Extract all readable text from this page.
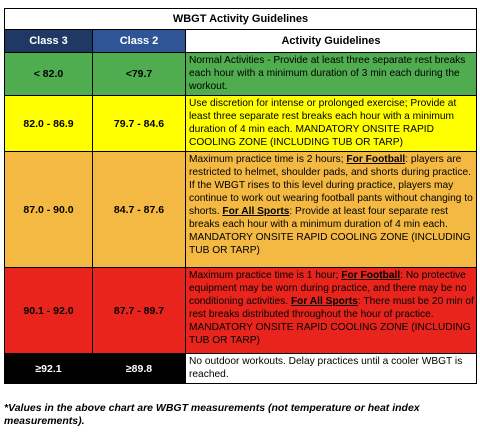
WBGT Activity Guidelines		
Class 3	Class 2	Activity Guidelines
< 82.0	<79.7	Normal Activities - Provide at least three separate rest breaks each hour with a minimum duration of 3 min each during the workout.
82.0 - 86.9	79.7 - 84.6	Use discretion for intense or prolonged exercise; Provide at least three separate rest breaks each hour with a minimum duration of 4 min each. MANDATORY ONSITE RAPID COOLING ZONE (INCLUDING TUB OR TARP)
87.0 - 90.0	84.7 - 87.6	Maximum practice time is 2 hours; For Football: players are restricted to helmet, shoulder pads, and shorts during practice. If the WBGT rises to this level during practice, players may continue to work out wearing football pants without changing to shorts. For All Sports: Provide at least four separate rest breaks each hour with a minimum duration of 4 min each. MANDATORY ONSITE RAPID COOLING ZONE (INCLUDING TUB OR TARP)
90.1 - 92.0	87.7 - 89.7	Maximum practice time is 1 hour; For Football: No protective equipment may be worn during practice, and there may be no conditioning activities. For All Sports: There must be 20 min of rest breaks distributed throughout the hour of practice. MANDATORY ONSITE RAPID COOLING ZONE (INCLUDING TUB OR TARP)
≥92.1	≥89.8	No outdoor workouts. Delay practices until a cooler WBGT is reached.
*Values in the above chart are WBGT measurements (not temperature or heat index measurements).
